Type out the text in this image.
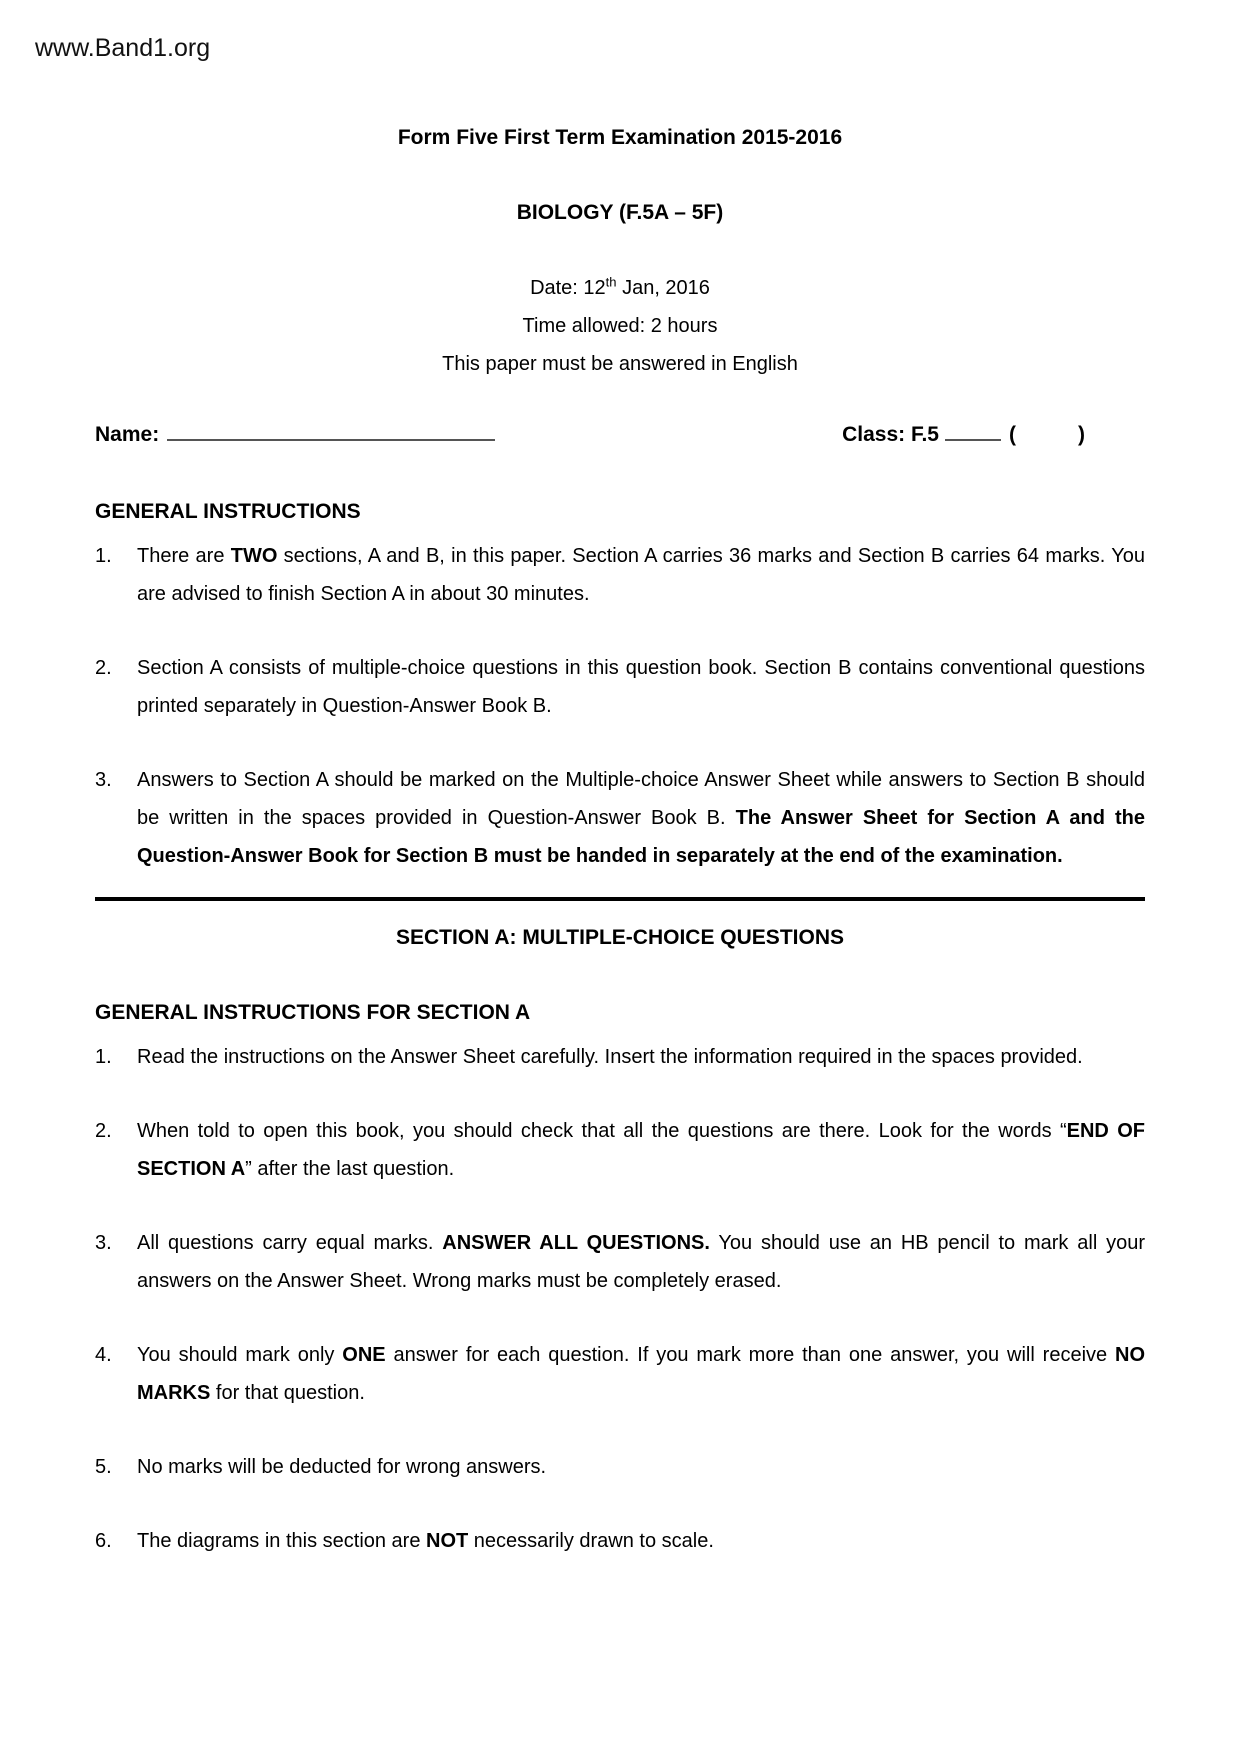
www.Band1.org
Form Five First Term Examination 2015-2016
BIOLOGY (F.5A – 5F)
Date: 12th Jan, 2016
Time allowed: 2 hours
This paper must be answered in English
Name:	Class: F.5	(	)
GENERAL INSTRUCTIONS
1.	There are TWO sections, A and B, in this paper. Section A carries 36 marks and Section B carries 64 marks. You are advised to finish Section A in about 30 minutes.

2.	Section A consists of multiple-choice questions in this question book. Section B contains conventional questions printed separately in Question-Answer Book B.

3.	Answers to Section A should be marked on the Multiple-choice Answer Sheet while answers to Section B should be written in the spaces provided in Question-Answer Book B. The Answer Sheet for Section A and the Question-Answer Book for Section B must be handed in separately at the end of the examination.

SECTION A: MULTIPLE-CHOICE QUESTIONS
GENERAL INSTRUCTIONS FOR SECTION A
1.	Read the instructions on the Answer Sheet carefully. Insert the information required in the spaces provided.

2.	When told to open this book, you should check that all the questions are there. Look for the words “END OF SECTION A” after the last question.

3.	All questions carry equal marks. ANSWER ALL QUESTIONS. You should use an HB pencil to mark all your answers on the Answer Sheet. Wrong marks must be completely erased.

4.	You should mark only ONE answer for each question. If you mark more than one answer, you will receive NO MARKS for that question.

5.	No marks will be deducted for wrong answers.

6.	The diagrams in this section are NOT necessarily drawn to scale.
